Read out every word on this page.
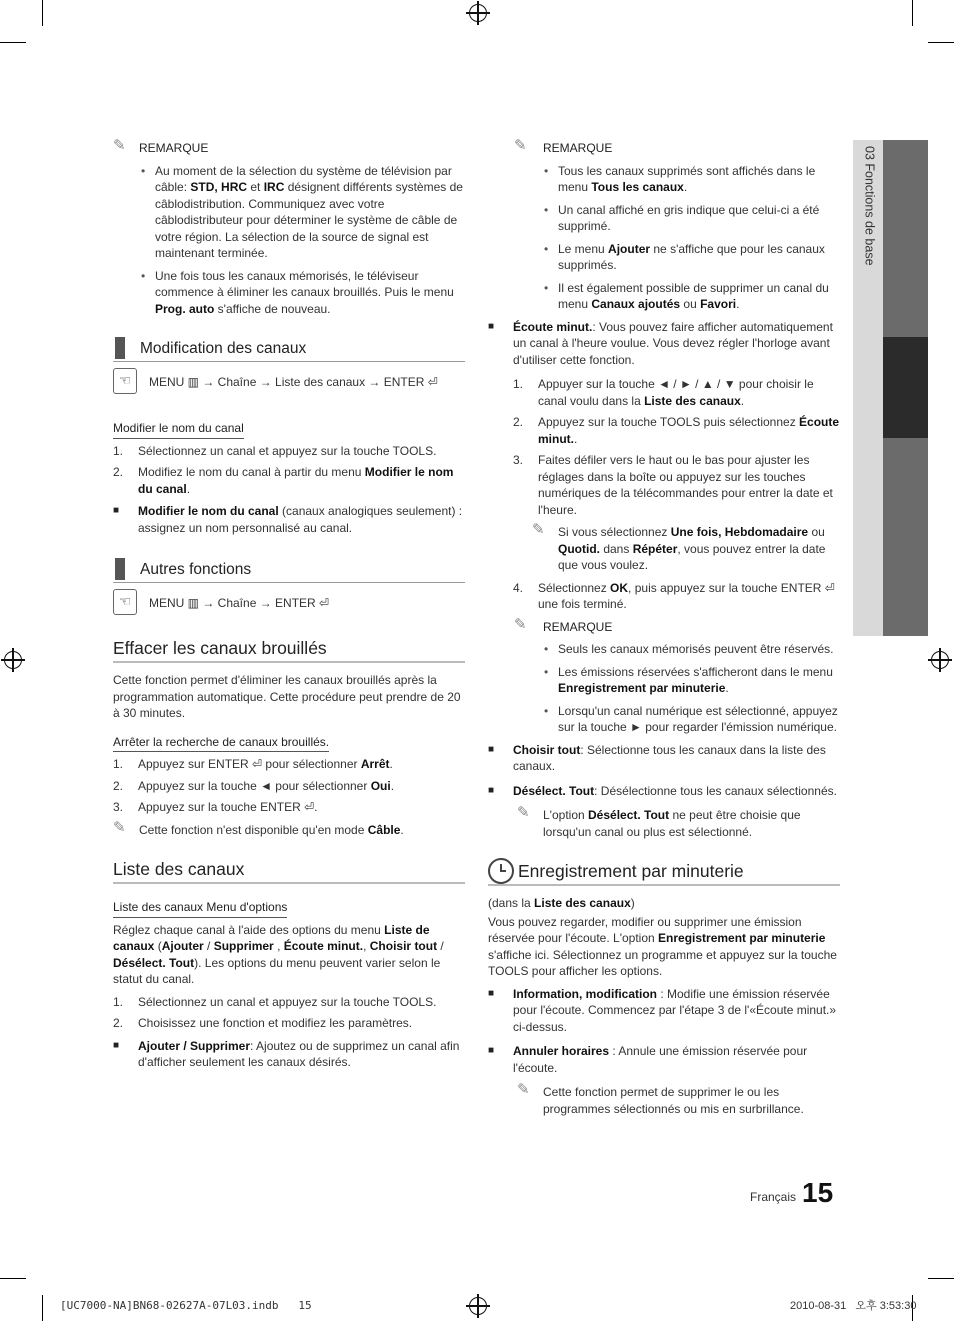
03 Fonctions de base
✎ REMARQUE
• Au moment de la sélection du système de télévision par câble: STD, HRC et IRC désignent différents systèmes de câblodistribution. Communiquez avec votre câblodistributeur pour déterminer le système de câble de votre région. La sélection de la source de signal est maintenant terminée.
• Une fois tous les canaux mémorisés, le téléviseur commence à éliminer les canaux brouillés. Puis le menu Prog. auto s'affiche de nouveau.
Modification des canaux
☜	MENU ▥ → Chaîne → Liste des canaux → ENTER ⏎
Modifier le nom du canal
1. Sélectionnez un canal et appuyez sur la touche TOOLS.
2. Modifiez le nom du canal à partir du menu Modifier le nom du canal.
■ Modifier le nom du canal (canaux analogiques seulement) : assignez un nom personnalisé au canal.
Autres fonctions
☜	MENU ▥ → Chaîne → ENTER ⏎
Effacer les canaux brouillés
Cette fonction permet d'éliminer les canaux brouillés après la programmation automatique. Cette procédure peut prendre de 20 à 30 minutes.
Arrêter la recherche de canaux brouillés.
1. Appuyez sur ENTER ⏎ pour sélectionner Arrêt.
2. Appuyez sur la touche ◄ pour sélectionner Oui.
3. Appuyez sur la touche ENTER ⏎.
✎ Cette fonction n'est disponible qu'en mode Câble.
Liste des canaux
Liste des canaux Menu d'options
Réglez chaque canal à l'aide des options du menu Liste de canaux (Ajouter / Supprimer , Écoute minut., Choisir tout / Désélect. Tout). Les options du menu peuvent varier selon le statut du canal.
1. Sélectionnez un canal et appuyez sur la touche TOOLS.
2. Choisissez une fonction et modifiez les paramètres.
■ Ajouter / Supprimer: Ajoutez ou de supprimez un canal afin d'afficher seulement les canaux désirés.
✎ REMARQUE
• Tous les canaux supprimés sont affichés dans le menu Tous les canaux.
• Un canal affiché en gris indique que celui-ci a été supprimé.
• Le menu Ajouter ne s'affiche que pour les canaux supprimés.
• Il est également possible de supprimer un canal du menu Canaux ajoutés ou Favori.
■ Écoute minut.: Vous pouvez faire afficher automatiquement un canal à l'heure voulue. Vous devez régler l'horloge avant d'utiliser cette fonction.
1. Appuyer sur la touche ◄ / ► / ▲ / ▼ pour choisir le canal voulu dans la Liste des canaux.
2. Appuyez sur la touche TOOLS puis sélectionnez Écoute minut..
3. Faites défiler vers le haut ou le bas pour ajuster les réglages dans la boîte ou appuyez sur les touches numériques de la télécommandes pour entrer la date et l'heure.
✎ Si vous sélectionnez Une fois, Hebdomadaire ou Quotid. dans Répéter, vous pouvez entrer la date que vous voulez.
4. Sélectionnez OK, puis appuyez sur la touche ENTER ⏎ une fois terminé.
✎ REMARQUE
• Seuls les canaux mémorisés peuvent être réservés.
• Les émissions réservées s'afficheront dans le menu Enregistrement par minuterie.
• Lorsqu'un canal numérique est sélectionné, appuyez sur la touche ► pour regarder l'émission numérique.
■ Choisir tout: Sélectionne tous les canaux dans la liste des canaux.
■ Désélect. Tout: Désélectionne tous les canaux sélectionnés.
✎ L'option Désélect. Tout ne peut être choisie que lorsqu'un canal ou plus est sélectionné.
Enregistrement par minuterie
(dans la Liste des canaux)
Vous pouvez regarder, modifier ou supprimer une émission réservée pour l'écoute. L'option Enregistrement par minuterie s'affiche ici. Sélectionnez un programme et appuyez sur la touche TOOLS pour afficher les options.
■ Information, modification : Modifie une émission réservée pour l'écoute. Commencez par l'étape 3 de l'«Écoute minut.» ci-dessus.
■ Annuler horaires : Annule une émission réservée pour l'écoute.
✎ Cette fonction permet de supprimer le ou les programmes sélectionnés ou mis en surbrillance.
Français 15
[UC7000-NA]BN68-02627A-07L03.indb   15	2010-08-31   오후 3:53:30
